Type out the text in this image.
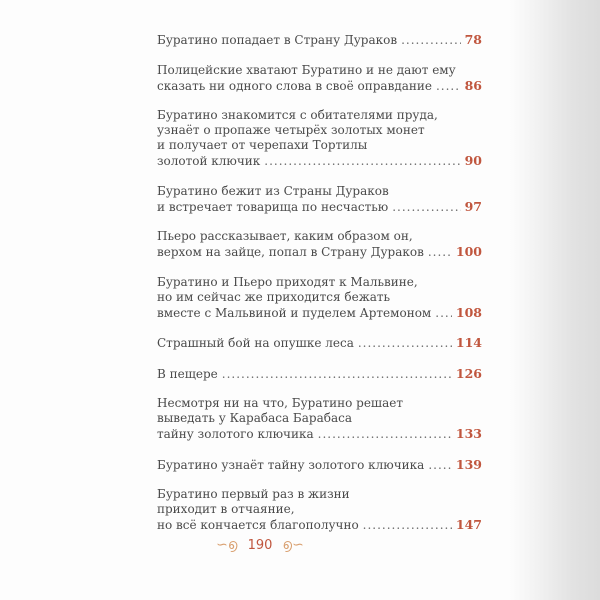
Буратино попадает в Страну Дураков .....	78
Полицейские хватают Буратино и не дают ему
сказать ни одного слова в своё оправдание .....	86
Буратино знакомится с обитателями пруда,
узнаёт о пропаже четырёх золотых монет
и получает от черепахи Тортилы
золотой ключик .....	90
Буратино бежит из Страны Дураков
и встречает товарища по несчастью .....	97
Пьеро рассказывает, каким образом он,
верхом на зайце, попал в Страну Дураков .....	100
Буратино и Пьеро приходят к Мальвине,
но им сейчас же приходится бежать
вместе с Мальвиной и пуделем Артемоном ..... 108
Страшный бой на опушке леса .....	114
В пещере .....	126
Несмотря ни на что, Буратино решает
выведать у Карабаса Барабаса
тайну золотого ключика .....	133
Буратино узнаёт тайну золотого ключика .....	139
Буратино первый раз в жизни
приходит в отчаяние,
но всё кончается благополучно .....	147
∽൭ 190 ൭∽
